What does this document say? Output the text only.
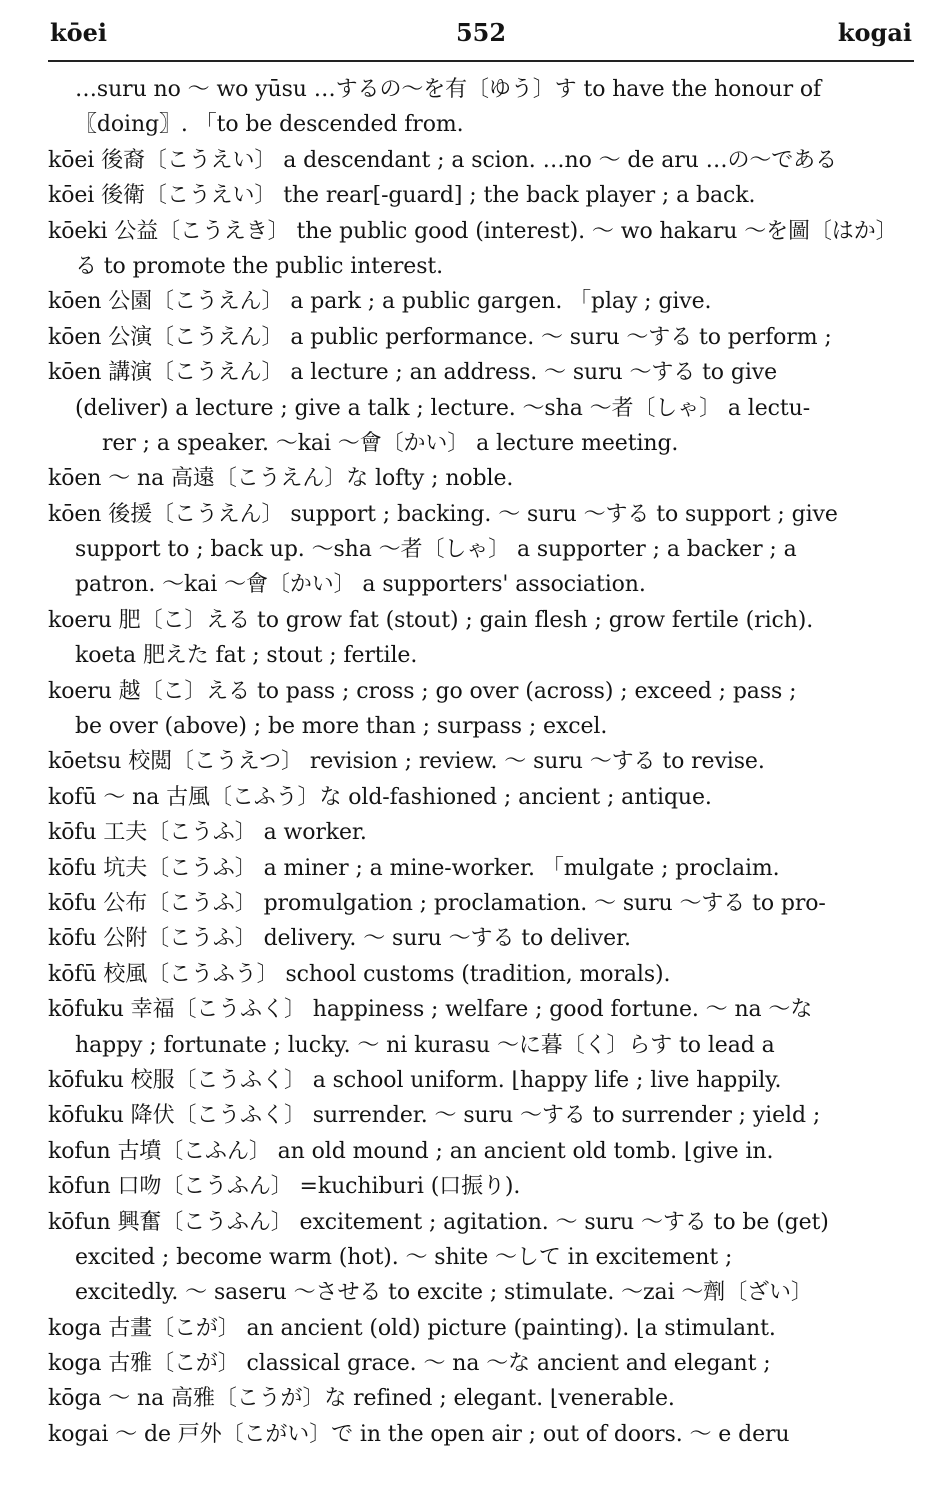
kōei	552	kogai
…suru no ～ wo yūsu …するの～を有〔ゆう〕す to have the honour of
〖doing〗. 「to be descended from.
kōei 後裔〔こうえい〕 a descendant ; a scion. …no ～ de aru …の～である
kōei 後衛〔こうえい〕 the rear[-guard] ; the back player ; a back.
kōeki 公益〔こうえき〕 the public good (interest). ～ wo hakaru ～を圖〔はか〕
る to promote the public interest.
kōen 公園〔こうえん〕 a park ; a public gargen. 「play ; give.
kōen 公演〔こうえん〕 a public performance. ～ suru ～する to perform ;
kōen 講演〔こうえん〕 a lecture ; an address. ～ suru ～する to give
(deliver) a lecture ; give a talk ; lecture. ～sha ～者〔しゃ〕 a lectu-
rer ; a speaker. ～kai ～會〔かい〕 a lecture meeting.
kōen ～ na 高遠〔こうえん〕な lofty ; noble.
kōen 後援〔こうえん〕 support ; backing. ～ suru ～する to support ; give
support to ; back up. ～sha ～者〔しゃ〕 a supporter ; a backer ; a
patron. ～kai ～會〔かい〕 a supporters' association.
koeru 肥〔こ〕える to grow fat (stout) ; gain flesh ; grow fertile (rich).
koeta 肥えた fat ; stout ; fertile.
koeru 越〔こ〕える to pass ; cross ; go over (across) ; exceed ; pass ;
be over (above) ; be more than ; surpass ; excel.
kōetsu 校閲〔こうえつ〕 revision ; review. ～ suru ～する to revise.
kofū ～ na 古風〔こふう〕な old-fashioned ; ancient ; antique.
kōfu 工夫〔こうふ〕 a worker.
kōfu 坑夫〔こうふ〕 a miner ; a mine-worker. 「mulgate ; proclaim.
kōfu 公布〔こうふ〕 promulgation ; proclamation. ～ suru ～する to pro-
kōfu 公附〔こうふ〕 delivery. ～ suru ～する to deliver.
kōfū 校風〔こうふう〕 school customs (tradition, morals).
kōfuku 幸福〔こうふく〕 happiness ; welfare ; good fortune. ～ na ～な
happy ; fortunate ; lucky. ～ ni kurasu ～に暮〔く〕らす to lead a
kōfuku 校服〔こうふく〕 a school uniform. ⌊happy life ; live happily.
kōfuku 降伏〔こうふく〕 surrender. ～ suru ～する to surrender ; yield ;
kofun 古墳〔こふん〕 an old mound ; an ancient old tomb. ⌊give in.
kōfun 口吻〔こうふん〕 =kuchiburi (口振り).
kōfun 興奮〔こうふん〕 excitement ; agitation. ～ suru ～する to be (get)
excited ; become warm (hot). ～ shite ～して in excitement ;
excitedly. ～ saseru ～させる to excite ; stimulate. ～zai ～劑〔ざい〕
koga 古畫〔こが〕 an ancient (old) picture (painting). ⌊a stimulant.
koga 古雅〔こが〕 classical grace. ～ na ～な ancient and elegant ;
kōga ～ na 高雅〔こうが〕な refined ; elegant. ⌊venerable.
kogai ～ de 戸外〔こがい〕で in the open air ; out of doors. ～ e deru
